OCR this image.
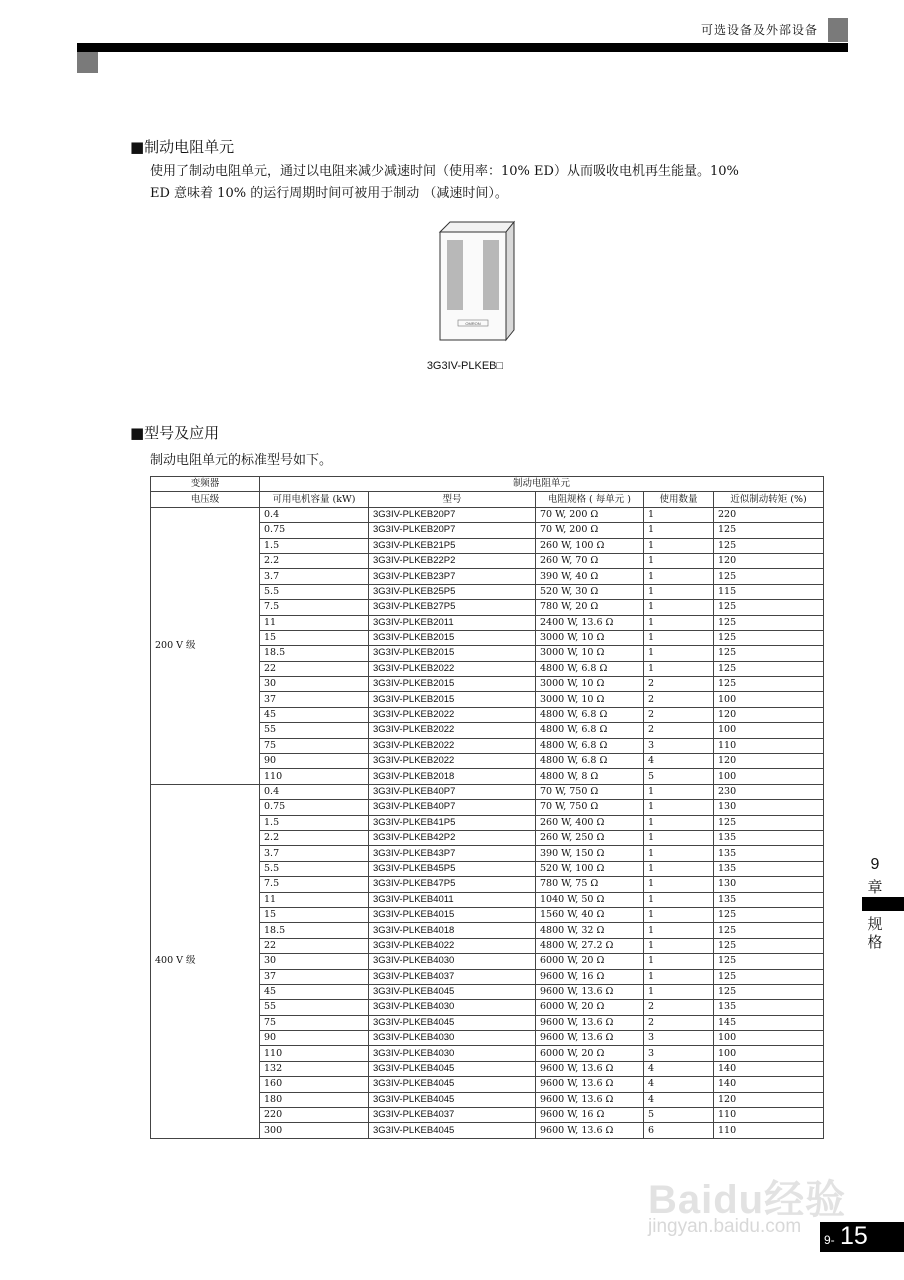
可选设备及外部设备
■制动电阻单元
使用了制动电阻单元，通过以电阻来减少减速时间（使用率：10% ED）从而吸收电机再生能量。10%
ED 意味着 10% 的运行周期时间可被用于制动 （减速时间）。
OMRON
3G3IV-PLKEB□
■型号及应用
制动电阻单元的标准型号如下。
变频器	制动电阻单元				
电压级	可用电机容量 (kW)	型号	电阻规格 ( 每单元 )	使用数量	近似制动转矩 (%)
200 V 级	0.4	3G3IV-PLKEB20P7	70 W, 200 Ω	1	220
	0.75	3G3IV-PLKEB20P7	70 W, 200 Ω	1	125
	1.5	3G3IV-PLKEB21P5	260 W, 100 Ω	1	125
	2.2	3G3IV-PLKEB22P2	260 W, 70 Ω	1	120
	3.7	3G3IV-PLKEB23P7	390 W, 40 Ω	1	125
	5.5	3G3IV-PLKEB25P5	520 W, 30 Ω	1	115
	7.5	3G3IV-PLKEB27P5	780 W, 20 Ω	1	125
	11	3G3IV-PLKEB2011	2400 W, 13.6 Ω	1	125
	15	3G3IV-PLKEB2015	3000 W, 10 Ω	1	125
	18.5	3G3IV-PLKEB2015	3000 W, 10 Ω	1	125
	22	3G3IV-PLKEB2022	4800 W, 6.8 Ω	1	125
	30	3G3IV-PLKEB2015	3000 W, 10 Ω	2	125
	37	3G3IV-PLKEB2015	3000 W, 10 Ω	2	100
	45	3G3IV-PLKEB2022	4800 W, 6.8 Ω	2	120
	55	3G3IV-PLKEB2022	4800 W, 6.8 Ω	2	100
	75	3G3IV-PLKEB2022	4800 W, 6.8 Ω	3	110
	90	3G3IV-PLKEB2022	4800 W, 6.8 Ω	4	120
	110	3G3IV-PLKEB2018	4800 W, 8 Ω	5	100
400 V 级	0.4	3G3IV-PLKEB40P7	70 W, 750 Ω	1	230
	0.75	3G3IV-PLKEB40P7	70 W, 750 Ω	1	130
	1.5	3G3IV-PLKEB41P5	260 W, 400 Ω	1	125
	2.2	3G3IV-PLKEB42P2	260 W, 250 Ω	1	135
	3.7	3G3IV-PLKEB43P7	390 W, 150 Ω	1	135
	5.5	3G3IV-PLKEB45P5	520 W, 100 Ω	1	135
	7.5	3G3IV-PLKEB47P5	780 W, 75 Ω	1	130
	11	3G3IV-PLKEB4011	1040 W, 50 Ω	1	135
	15	3G3IV-PLKEB4015	1560 W, 40 Ω	1	125
	18.5	3G3IV-PLKEB4018	4800 W, 32 Ω	1	125
	22	3G3IV-PLKEB4022	4800 W, 27.2 Ω	1	125
	30	3G3IV-PLKEB4030	6000 W, 20 Ω	1	125
	37	3G3IV-PLKEB4037	9600 W, 16 Ω	1	125
	45	3G3IV-PLKEB4045	9600 W, 13.6 Ω	1	125
	55	3G3IV-PLKEB4030	6000 W, 20 Ω	2	135
	75	3G3IV-PLKEB4045	9600 W, 13.6 Ω	2	145
	90	3G3IV-PLKEB4030	9600 W, 13.6 Ω	3	100
	110	3G3IV-PLKEB4030	6000 W, 20 Ω	3	100
	132	3G3IV-PLKEB4045	9600 W, 13.6 Ω	4	140
	160	3G3IV-PLKEB4045	9600 W, 13.6 Ω	4	140
	180	3G3IV-PLKEB4045	9600 W, 13.6 Ω	4	120
	220	3G3IV-PLKEB4037	9600 W, 16 Ω	5	110
	300	3G3IV-PLKEB4045	9600 W, 13.6 Ω	6	110
9
章
规
格
Baidu经验
jingyan.baidu.com
9- 15
